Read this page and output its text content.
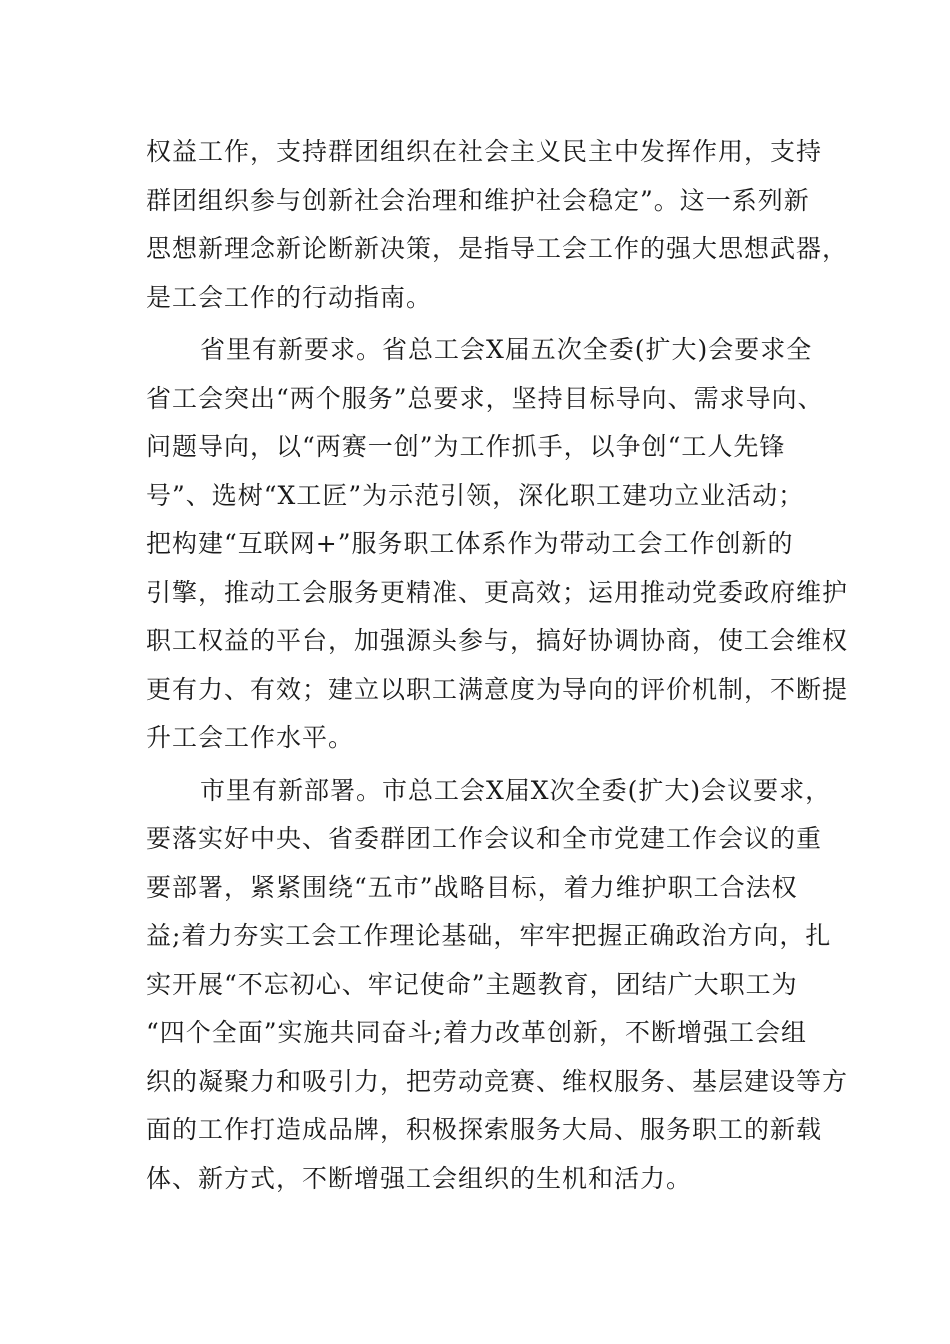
权益工作，支持群团组织在社会主义民主中发挥作用，支持
群团组织参与创新社会治理和维护社会稳定”。这一系列新
思想新理念新论断新决策，是指导工会工作的强大思想武器，
是工会工作的行动指南。
省里有新要求。省总工会Ⅹ届五次全委(扩大)会要求全
省工会突出“两个服务”总要求，坚持目标导向、需求导向、
问题导向，以“两赛一创”为工作抓手，以争创“工人先锋
号”、选树“Ⅹ工匠”为示范引领，深化职工建功立业活动；
把构建“互联网+”服务职工体系作为带动工会工作创新的
引擎，推动工会服务更精准、更高效；运用推动党委政府维护
职工权益的平台，加强源头参与，搞好协调协商，使工会维权
更有力、有效；建立以职工满意度为导向的评价机制，不断提
升工会工作水平。
市里有新部署。市总工会Ⅹ届Ⅹ次全委(扩大)会议要求，
要落实好中央、省委群团工作会议和全市党建工作会议的重
要部署，紧紧围绕“五市”战略目标，着力维护职工合法权
益;着力夯实工会工作理论基础，牢牢把握正确政治方向，扎
实开展“不忘初心、牢记使命”主题教育，团结广大职工为
“四个全面”实施共同奋斗;着力改革创新，不断增强工会组
织的凝聚力和吸引力，把劳动竞赛、维权服务、基层建设等方
面的工作打造成品牌，积极探索服务大局、服务职工的新载
体、新方式，不断增强工会组织的生机和活力。
